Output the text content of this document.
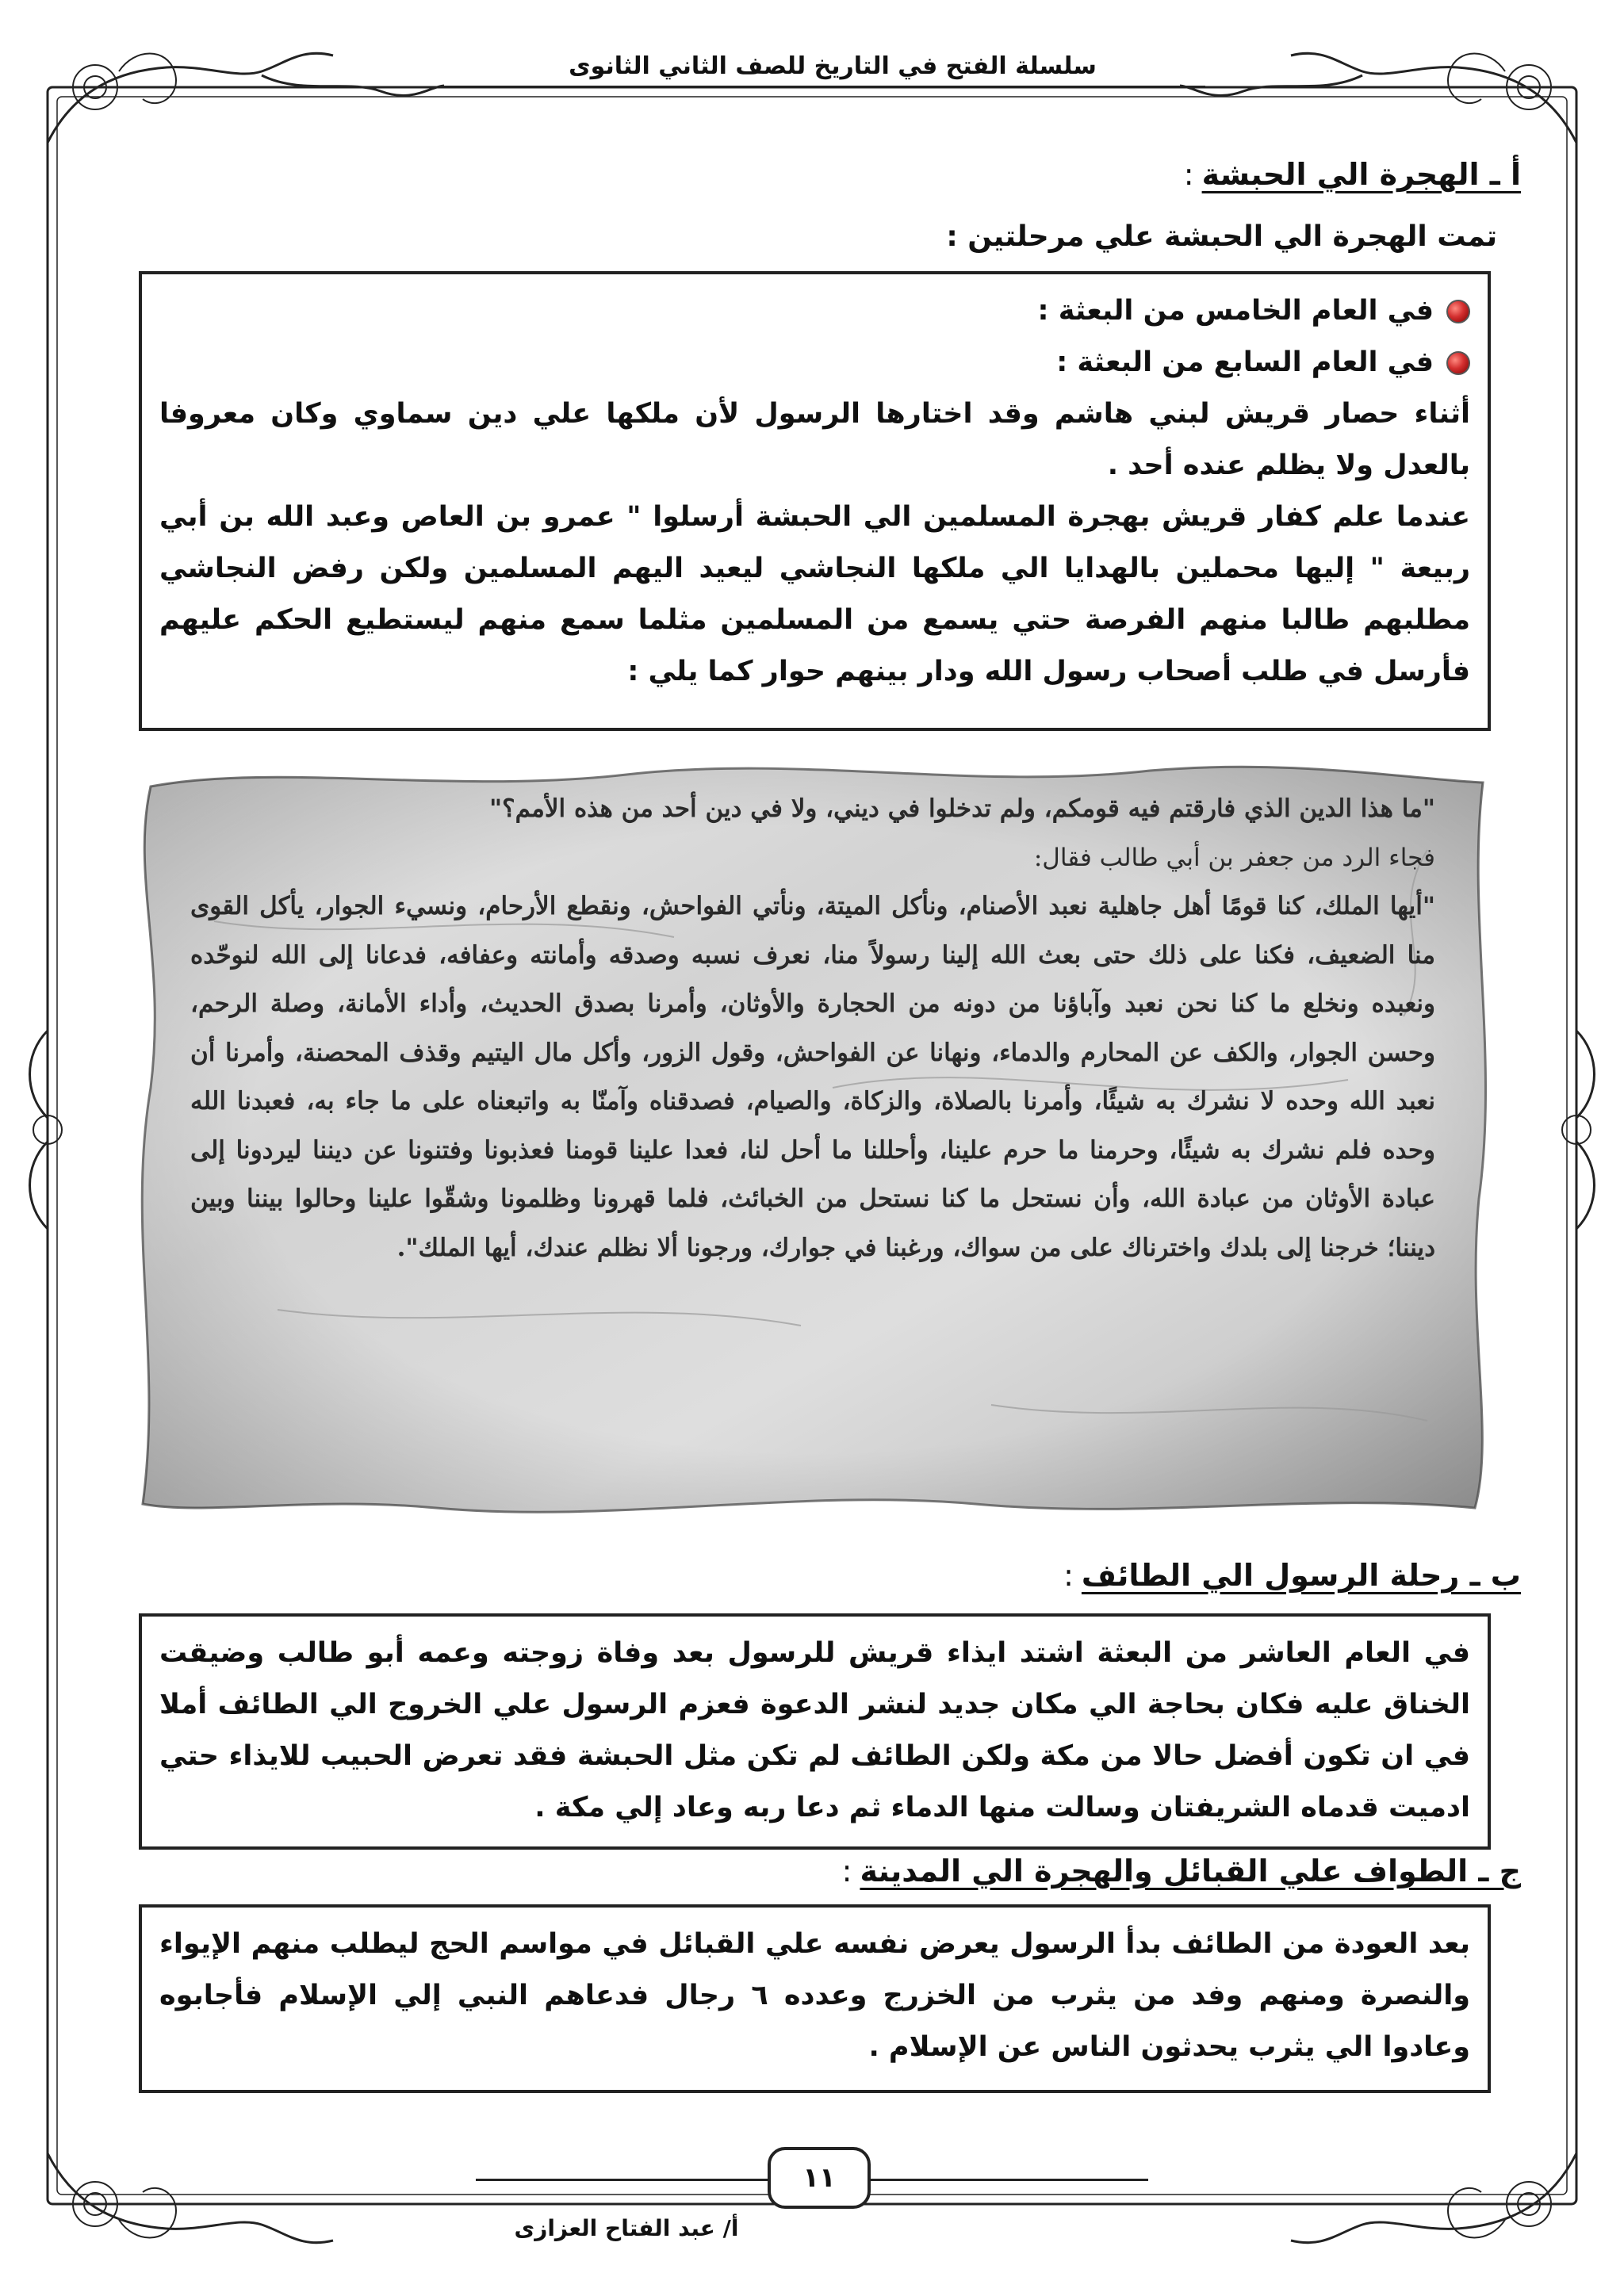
سلسلة الفتح في التاريخ للصف الثاني الثانوى
أ ـ الهجرة الي الحبشة:
تمت الهجرة الي الحبشة علي مرحلتين :
في العام الخامس من البعثة :
في العام السابع من البعثة :
أثناء حصار قريش لبني هاشم وقد اختارها الرسول لأن ملكها علي دين سماوي وكان معروفا بالعدل ولا يظلم عنده أحد .
عندما علم كفار قريش بهجرة المسلمين الي الحبشة أرسلوا " عمرو بن العاص وعبد الله بن أبي ربيعة " إليها محملين بالهدايا الي ملكها النجاشي ليعيد اليهم المسلمين ولكن رفض النجاشي مطلبهم طالبا منهم الفرصة حتي يسمع من المسلمين مثلما سمع منهم ليستطيع الحكم عليهم فأرسل في طلب أصحاب رسول الله ودار بينهم حوار كما يلي :

"ما هذا الدين الذي فارقتم فيه قومكم، ولم تدخلوا في ديني، ولا في دين أحد من هذه الأمم؟"

فجاء الرد من جعفر بن أبي طالب فقال:

"أيها الملك، كنا قومًا أهل جاهلية نعبد الأصنام، ونأكل الميتة، ونأتي الفواحش، ونقطع الأرحام، ونسيء الجوار، يأكل القوى منا الضعيف، فكنا على ذلك حتى بعث الله إلينا رسولاً منا، نعرف نسبه وصدقه وأمانته وعفافه، فدعانا إلى الله لنوحّده ونعبده ونخلع ما كنا نحن نعبد وآباؤنا من دونه من الحجارة والأوثان، وأمرنا بصدق الحديث، وأداء الأمانة، وصلة الرحم، وحسن الجوار، والكف عن المحارم والدماء، ونهانا عن الفواحش، وقول الزور، وأكل مال اليتيم وقذف المحصنة، وأمرنا أن نعبد الله وحده لا نشرك به شيئًا، وأمرنا بالصلاة، والزكاة، والصيام، فصدقناه وآمنّا به واتبعناه على ما جاء به، فعبدنا الله وحده فلم نشرك به شيئًا، وحرمنا ما حرم علينا، وأحللنا ما أحل لنا، فعدا علينا قومنا فعذبونا وفتنونا عن ديننا ليردونا إلى عبادة الأوثان من عبادة الله، وأن نستحل ما كنا نستحل من الخبائث، فلما قهرونا وظلمونا وشقّوا علينا وحالوا بيننا وبين ديننا؛ خرجنا إلى بلدك واخترناك على من سواك، ورغبنا في جوارك، ورجونا ألا نظلم عندك، أيها الملك".

ب ـ رحلة الرسول الي الطائف:
في العام العاشر من البعثة اشتد ايذاء قريش للرسول بعد وفاة زوجته وعمه أبو طالب وضيقت الخناق عليه فكان بحاجة الي مكان جديد لنشر الدعوة فعزم الرسول علي الخروج الي الطائف أملا في ان تكون أفضل حالا من مكة ولكن الطائف لم تكن مثل الحبشة فقد تعرض الحبيب للايذاء حتي ادميت قدماه الشريفتان وسالت منها الدماء ثم دعا ربه وعاد إلي مكة .
ج ـ الطواف علي القبائل والهجرة الي المدينة:
بعد العودة من الطائف بدأ الرسول يعرض نفسه علي القبائل في مواسم الحج ليطلب منهم الإيواء والنصرة ومنهم وفد من يثرب من الخزرج وعدده ٦ رجال فدعاهم النبي إلي الإسلام فأجابوه وعادوا الي يثرب يحدثون الناس عن الإسلام .
١١
أ/ عبد الفتاح العزازى
